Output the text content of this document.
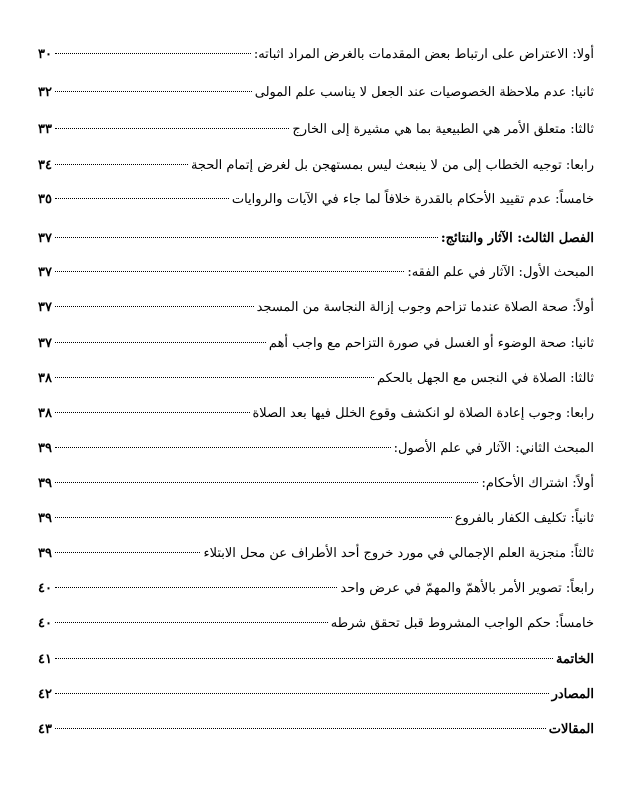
أولا: الاعتراض على ارتباط بعض المقدمات بالغرض المراد اثباته:
٣٠
ثانيا: عدم ملاحظة الخصوصيات عند الجعل لا يناسب علم المولى
٣٢
ثالثا: متعلق الأمر هي الطبيعية بما هي مشيرة إلى الخارج
٣٣
رابعا: توجيه الخطاب إلى من لا ينبعث ليس بمستهجن بل لغرض إتمام الحجة
٣٤
خامساً: عدم تقييد الأحكام بالقدرة خلافاً لما جاء في الآيات والروايات
٣٥
الفصل الثالث: الآثار والنتائج:
٣٧
المبحث الأول: الآثار في علم الفقه:
٣٧
أولاً: صحة الصلاة عندما تزاحم وجوب إزالة النجاسة من المسجد
٣٧
ثانيا: صحة الوضوء أو الغسل في صورة التزاحم مع واجب أهم
٣٧
ثالثا: الصلاة في النجس مع الجهل بالحكم
٣٨
رابعا: وجوب إعادة الصلاة لو انكشف وقوع الخلل فيها بعد الصلاة
٣٨
المبحث الثاني: الآثار في علم الأصول:
٣٩
أولاً: اشتراك الأحكام:
٣٩
ثانياً: تكليف الكفار بالفروع
٣٩
ثالثاً: منجزية العلم الإجمالي في مورد خروج أحد الأطراف عن محل الابتلاء
٣٩
رابعاً: تصوير الأمر بالأهمّ والمهمّ في عرض واحد
٤٠
خامساً: حكم الواجب المشروط قبل تحقق شرطه
٤٠
الخاتمة
٤١
المصادر
٤٢
المقالات
٤٣
